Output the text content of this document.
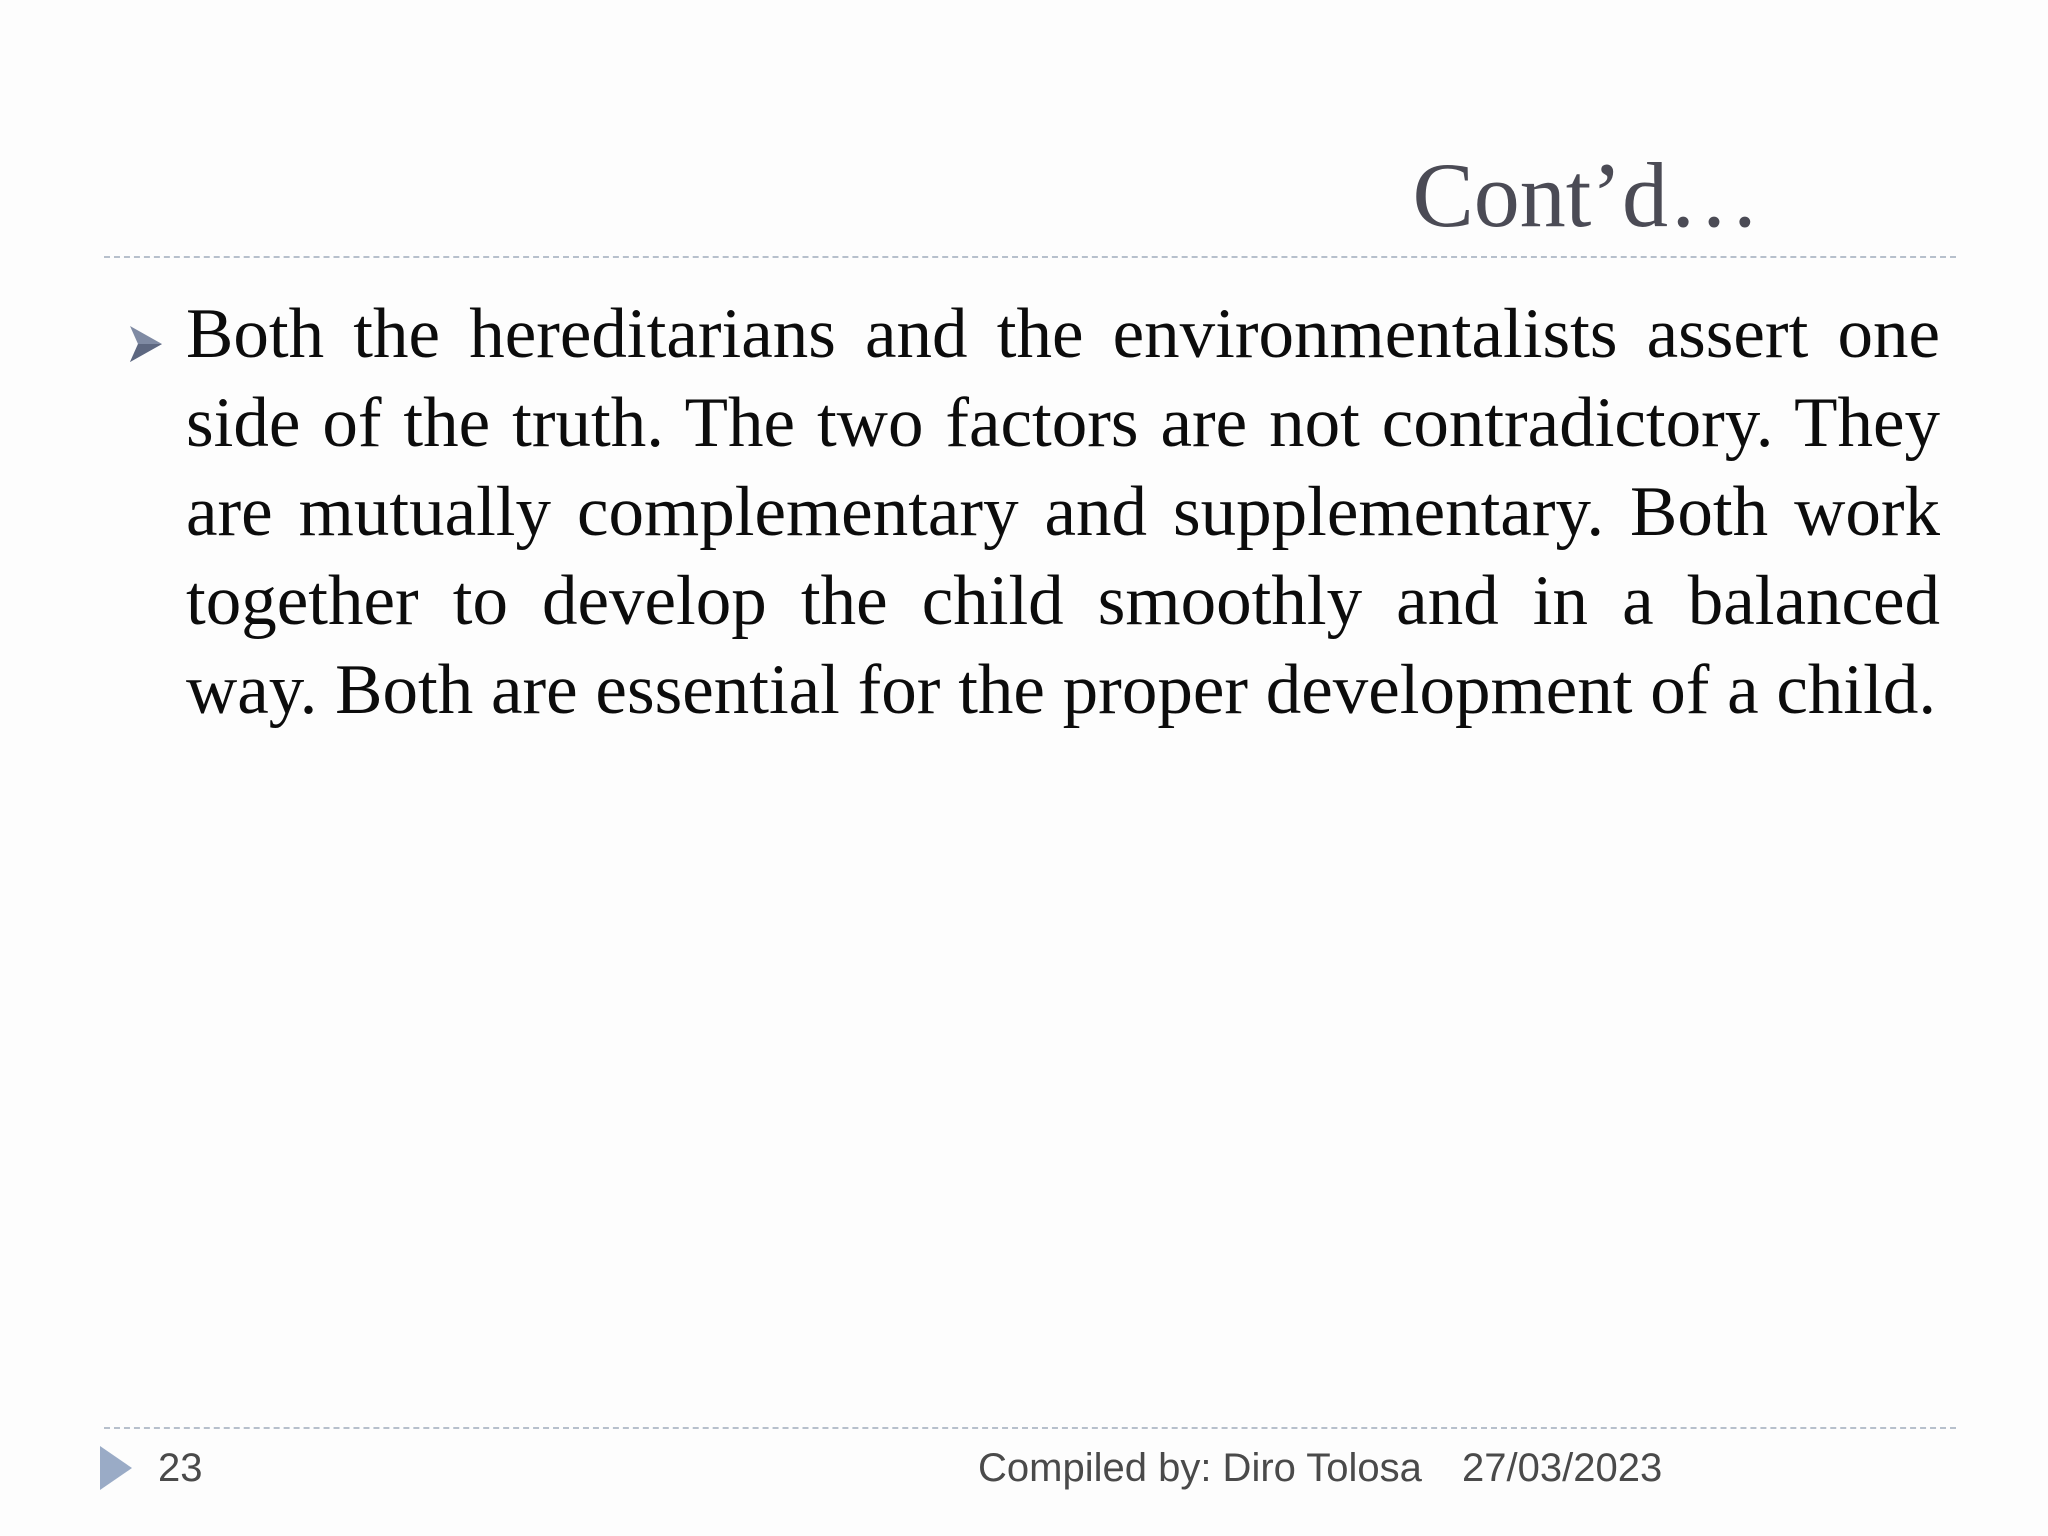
Cont’d…

Both the hereditarians and the environmentalists assert one side of the truth. The two factors are not contradictory. They are mutually complementary and supplementary. Both work together to develop the child smoothly and in a balanced way. Both are essential for the proper development of a child.

23	Compiled by: Diro Tolosa 27/03/2023
